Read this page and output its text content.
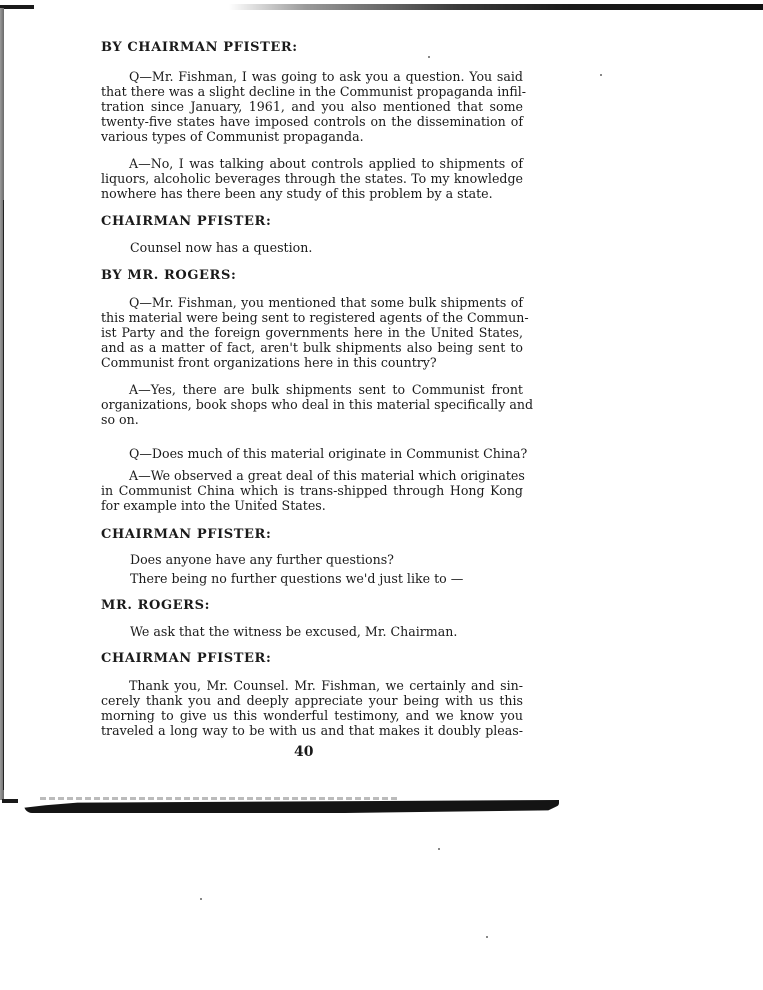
BY CHAIRMAN PFISTER:

Q—Mr. Fishman, I was going to ask you a question. You said
that there was a slight decline in the Communist propaganda infil-
tration since January, 1961, and you also mentioned that some
twenty-five states have imposed controls on the dissemination of
various types of Communist propaganda.
A—No, I was talking about controls applied to shipments of
liquors, alcoholic beverages through the states. To my knowledge
nowhere has there been any study of this problem by a state.

CHAIRMAN PFISTER:

Counsel now has a question.

BY MR. ROGERS:

Q—Mr. Fishman, you mentioned that some bulk shipments of
this material were being sent to registered agents of the Commun-
ist Party and the foreign governments here in the United States,
and as a matter of fact, aren't bulk shipments also being sent to
Communist front organizations here in this country?
A—Yes, there are bulk shipments sent to Communist front
organizations, book shops who deal in this material specifically and
so on.
Q—Does much of this material originate in Communist China?
A—We observed a great deal of this material which originates
in Communist China which is trans-shipped through Hong Kong
for example into the United States.

CHAIRMAN PFISTER:

Does anyone have any further questions?

There being no further questions we'd just like to —

MR. ROGERS:

We ask that the witness be excused, Mr. Chairman.

CHAIRMAN PFISTER:

Thank you, Mr. Counsel. Mr. Fishman, we certainly and sin-
cerely thank you and deeply appreciate your being with us this
morning to give us this wonderful testimony, and we know you
traveled a long way to be with us and that makes it doubly pleas-
40
